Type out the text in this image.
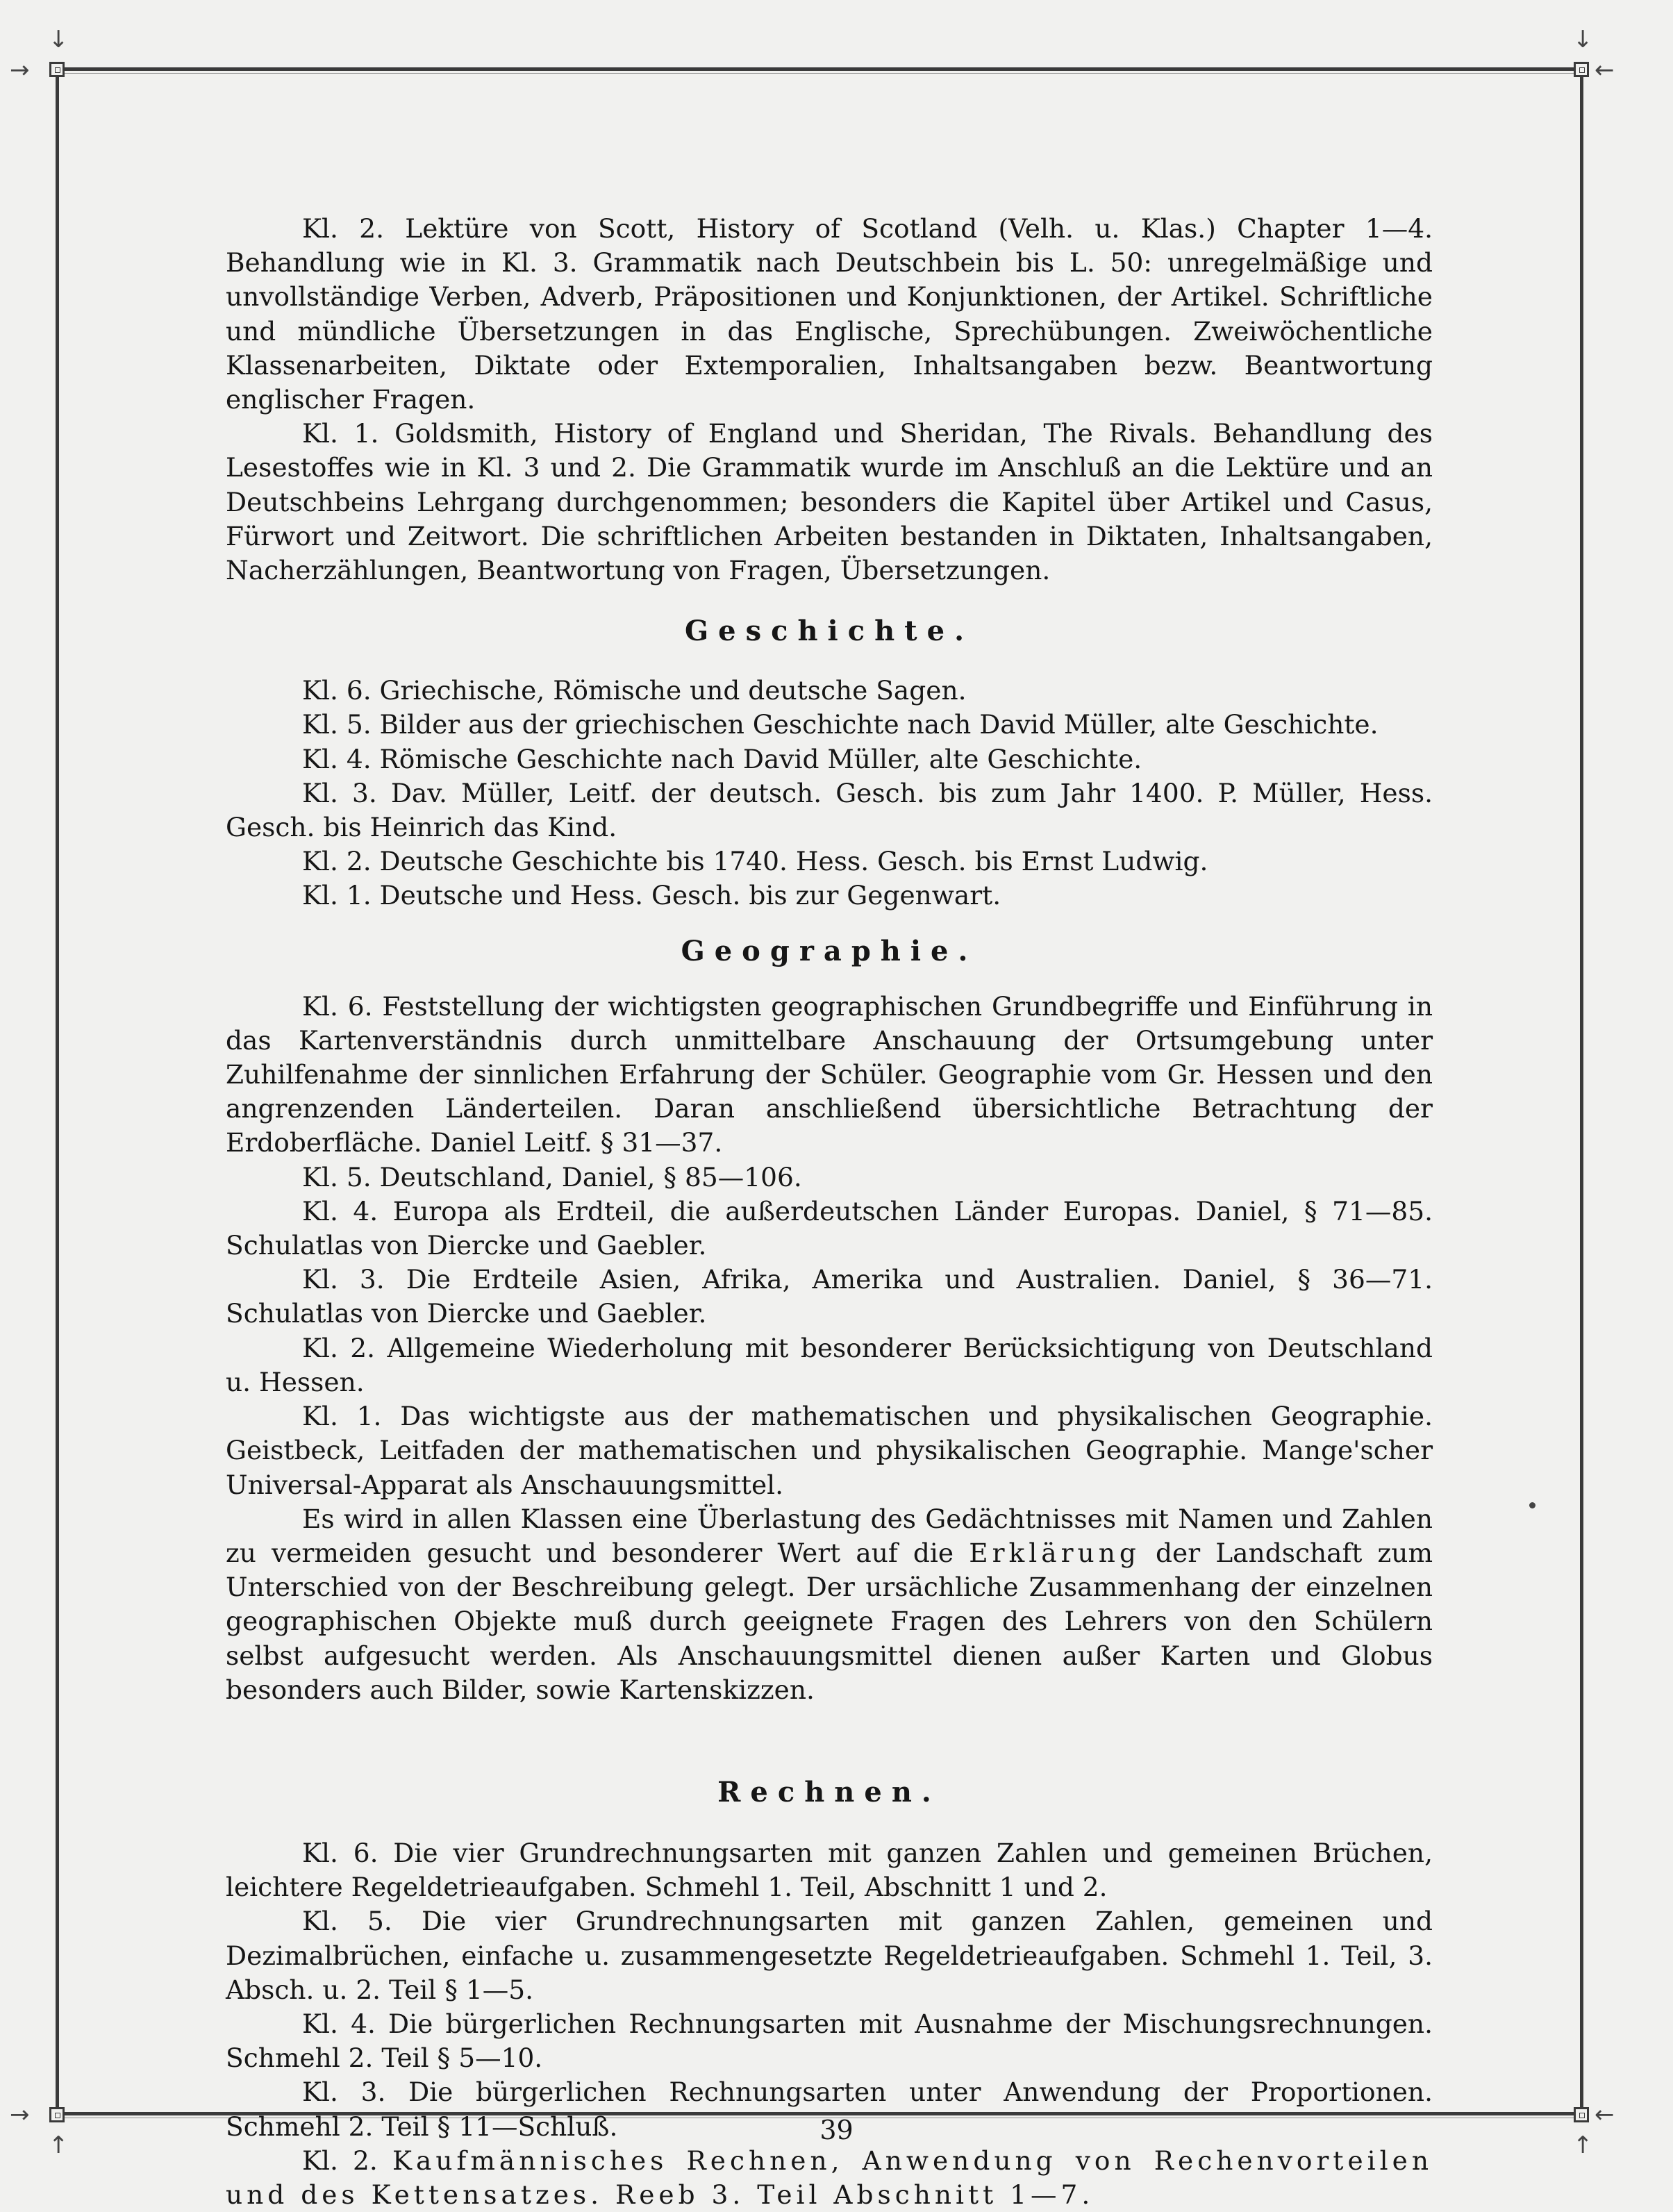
→	←
→	←
↓	↓
↑	↑

Kl. 2. Lektüre von Scott, History of Scotland (Velh. u. Klas.) Chapter 1—4. Behandlung wie in Kl. 3. Grammatik nach Deutschbein bis L. 50: unregelmäßige und unvollständige Verben, Adverb, Präpositionen und Konjunktionen, der Artikel. Schriftliche und mündliche Übersetzungen in das Englische, Sprechübungen. Zweiwöchentliche Klassenarbeiten, Diktate oder Extemporalien, Inhaltsangaben bezw. Beantwortung englischer Fragen.

Kl. 1. Goldsmith, History of England und Sheridan, The Rivals. Behandlung des Lesestoffes wie in Kl. 3 und 2. Die Grammatik wurde im Anschluß an die Lektüre und an Deutschbeins Lehrgang durchgenommen; besonders die Kapitel über Artikel und Casus, Fürwort und Zeitwort. Die schriftlichen Arbeiten bestanden in Diktaten, Inhaltsangaben, Nacherzählungen, Beantwortung von Fragen, Übersetzungen.

Geschichte.

Kl. 6. Griechische, Römische und deutsche Sagen.

Kl. 5. Bilder aus der griechischen Geschichte nach David Müller, alte Geschichte.

Kl. 4. Römische Geschichte nach David Müller, alte Geschichte.

Kl. 3. Dav. Müller, Leitf. der deutsch. Gesch. bis zum Jahr 1400. P. Müller, Hess. Gesch. bis Heinrich das Kind.

Kl. 2. Deutsche Geschichte bis 1740. Hess. Gesch. bis Ernst Ludwig.

Kl. 1. Deutsche und Hess. Gesch. bis zur Gegenwart.

Geographie.

Kl. 6. Feststellung der wichtigsten geographischen Grundbegriffe und Einführung in das Kartenverständnis durch unmittelbare Anschauung der Ortsumgebung unter Zuhilfenahme der sinnlichen Erfahrung der Schüler. Geographie vom Gr. Hessen und den angrenzenden Länderteilen. Daran anschließend übersichtliche Betrachtung der Erdoberfläche. Daniel Leitf. § 31—37.

Kl. 5. Deutschland, Daniel, § 85—106.

Kl. 4. Europa als Erdteil, die außerdeutschen Länder Europas. Daniel, § 71—85. Schulatlas von Diercke und Gaebler.

Kl. 3. Die Erdteile Asien, Afrika, Amerika und Australien. Daniel, § 36—71. Schulatlas von Diercke und Gaebler.

Kl. 2. Allgemeine Wiederholung mit besonderer Berücksichtigung von Deutschland u. Hessen.

Kl. 1. Das wichtigste aus der mathematischen und physikalischen Geographie. Geistbeck, Leitfaden der mathematischen und physikalischen Geographie. Mange'scher Universal-Apparat als Anschauungsmittel.

Es wird in allen Klassen eine Überlastung des Gedächtnisses mit Namen und Zahlen zu vermeiden gesucht und besonderer Wert auf die Erklärung der Landschaft zum Unterschied von der Beschreibung gelegt. Der ursächliche Zusammenhang der einzelnen geographischen Objekte muß durch geeignete Fragen des Lehrers von den Schülern selbst aufgesucht werden. Als Anschauungsmittel dienen außer Karten und Globus besonders auch Bilder, sowie Kartenskizzen.

Rechnen.

Kl. 6. Die vier Grundrechnungsarten mit ganzen Zahlen und gemeinen Brüchen, leichtere Regeldetrieaufgaben. Schmehl 1. Teil, Abschnitt 1 und 2.

Kl. 5. Die vier Grundrechnungsarten mit ganzen Zahlen, gemeinen und Dezimalbrüchen, einfache u. zusammengesetzte Regeldetrieaufgaben. Schmehl 1. Teil, 3. Absch. u. 2. Teil § 1—5.

Kl. 4. Die bürgerlichen Rechnungsarten mit Ausnahme der Mischungsrechnungen. Schmehl 2. Teil § 5—10.

Kl. 3. Die bürgerlichen Rechnungsarten unter Anwendung der Proportionen. Schmehl 2. Teil § 11—Schluß.

Kl. 2. Kaufmännisches Rechnen, Anwendung von Rechenvorteilen und des Kettensatzes. Reeb 3. Teil Abschnitt 1—7.

39
